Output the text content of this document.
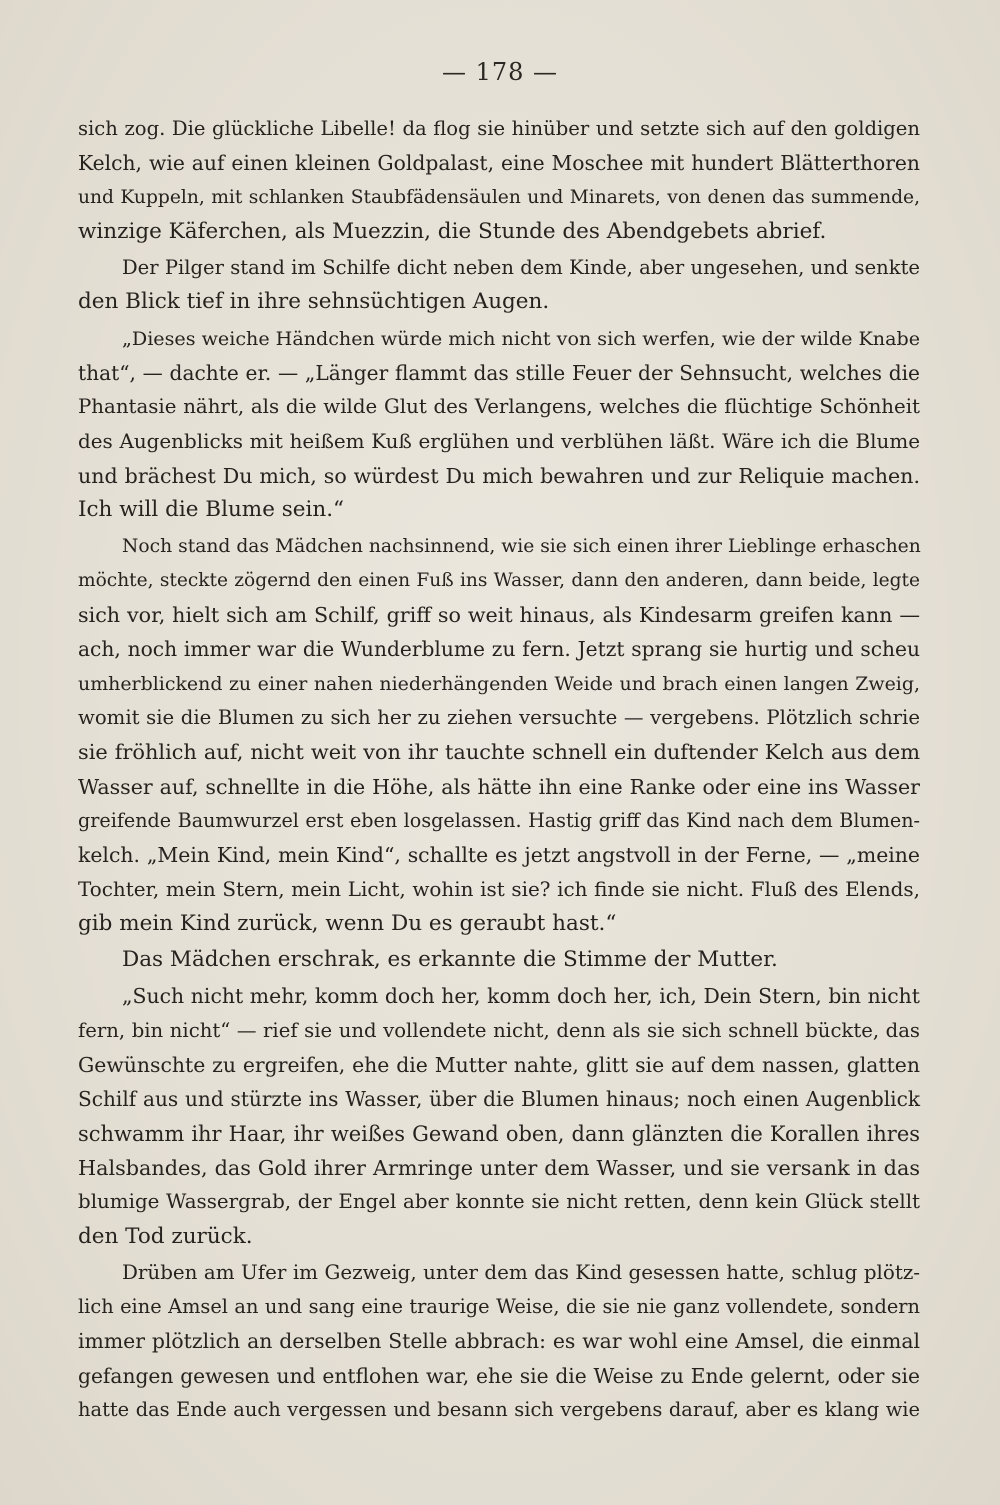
— 178 —

sich zog. Die glückliche Libelle! da flog sie hinüber und setzte sich auf den goldigen
Kelch, wie auf einen kleinen Goldpalast, eine Moschee mit hundert Blätterthoren
und Kuppeln, mit schlanken Staubfädensäulen und Minarets, von denen das summende,
winzige Käferchen, als Muezzin, die Stunde des Abendgebets abrief.

Der Pilger stand im Schilfe dicht neben dem Kinde, aber ungesehen, und senkte
den Blick tief in ihre sehnsüchtigen Augen.

„Dieses weiche Händchen würde mich nicht von sich werfen, wie der wilde Knabe
that“, — dachte er. — „Länger flammt das stille Feuer der Sehnsucht, welches die
Phantasie nährt, als die wilde Glut des Verlangens, welches die flüchtige Schönheit
des Augenblicks mit heißem Kuß erglühen und verblühen läßt. Wäre ich die Blume
und brächest Du mich, so würdest Du mich bewahren und zur Reliquie machen.
Ich will die Blume sein.“

Noch stand das Mädchen nachsinnend, wie sie sich einen ihrer Lieblinge erhaschen
möchte, steckte zögernd den einen Fuß ins Wasser, dann den anderen, dann beide, legte
sich vor, hielt sich am Schilf, griff so weit hinaus, als Kindesarm greifen kann —
ach, noch immer war die Wunderblume zu fern. Jetzt sprang sie hurtig und scheu
umherblickend zu einer nahen niederhängenden Weide und brach einen langen Zweig,
womit sie die Blumen zu sich her zu ziehen versuchte — vergebens. Plötzlich schrie
sie fröhlich auf, nicht weit von ihr tauchte schnell ein duftender Kelch aus dem
Wasser auf, schnellte in die Höhe, als hätte ihn eine Ranke oder eine ins Wasser
greifende Baumwurzel erst eben losgelassen. Hastig griff das Kind nach dem Blumen-
kelch. „Mein Kind, mein Kind“, schallte es jetzt angstvoll in der Ferne, — „meine
Tochter, mein Stern, mein Licht, wohin ist sie? ich finde sie nicht. Fluß des Elends,
gib mein Kind zurück, wenn Du es geraubt hast.“

Das Mädchen erschrak, es erkannte die Stimme der Mutter.

„Such nicht mehr, komm doch her, komm doch her, ich, Dein Stern, bin nicht
fern, bin nicht“ — rief sie und vollendete nicht, denn als sie sich schnell bückte, das
Gewünschte zu ergreifen, ehe die Mutter nahte, glitt sie auf dem nassen, glatten
Schilf aus und stürzte ins Wasser, über die Blumen hinaus; noch einen Augenblick
schwamm ihr Haar, ihr weißes Gewand oben, dann glänzten die Korallen ihres
Halsbandes, das Gold ihrer Armringe unter dem Wasser, und sie versank in das
blumige Wassergrab, der Engel aber konnte sie nicht retten, denn kein Glück stellt
den Tod zurück.

Drüben am Ufer im Gezweig, unter dem das Kind gesessen hatte, schlug plötz-
lich eine Amsel an und sang eine traurige Weise, die sie nie ganz vollendete, sondern
immer plötzlich an derselben Stelle abbrach: es war wohl eine Amsel, die einmal
gefangen gewesen und entflohen war, ehe sie die Weise zu Ende gelernt, oder sie
hatte das Ende auch vergessen und besann sich vergebens darauf, aber es klang wie
